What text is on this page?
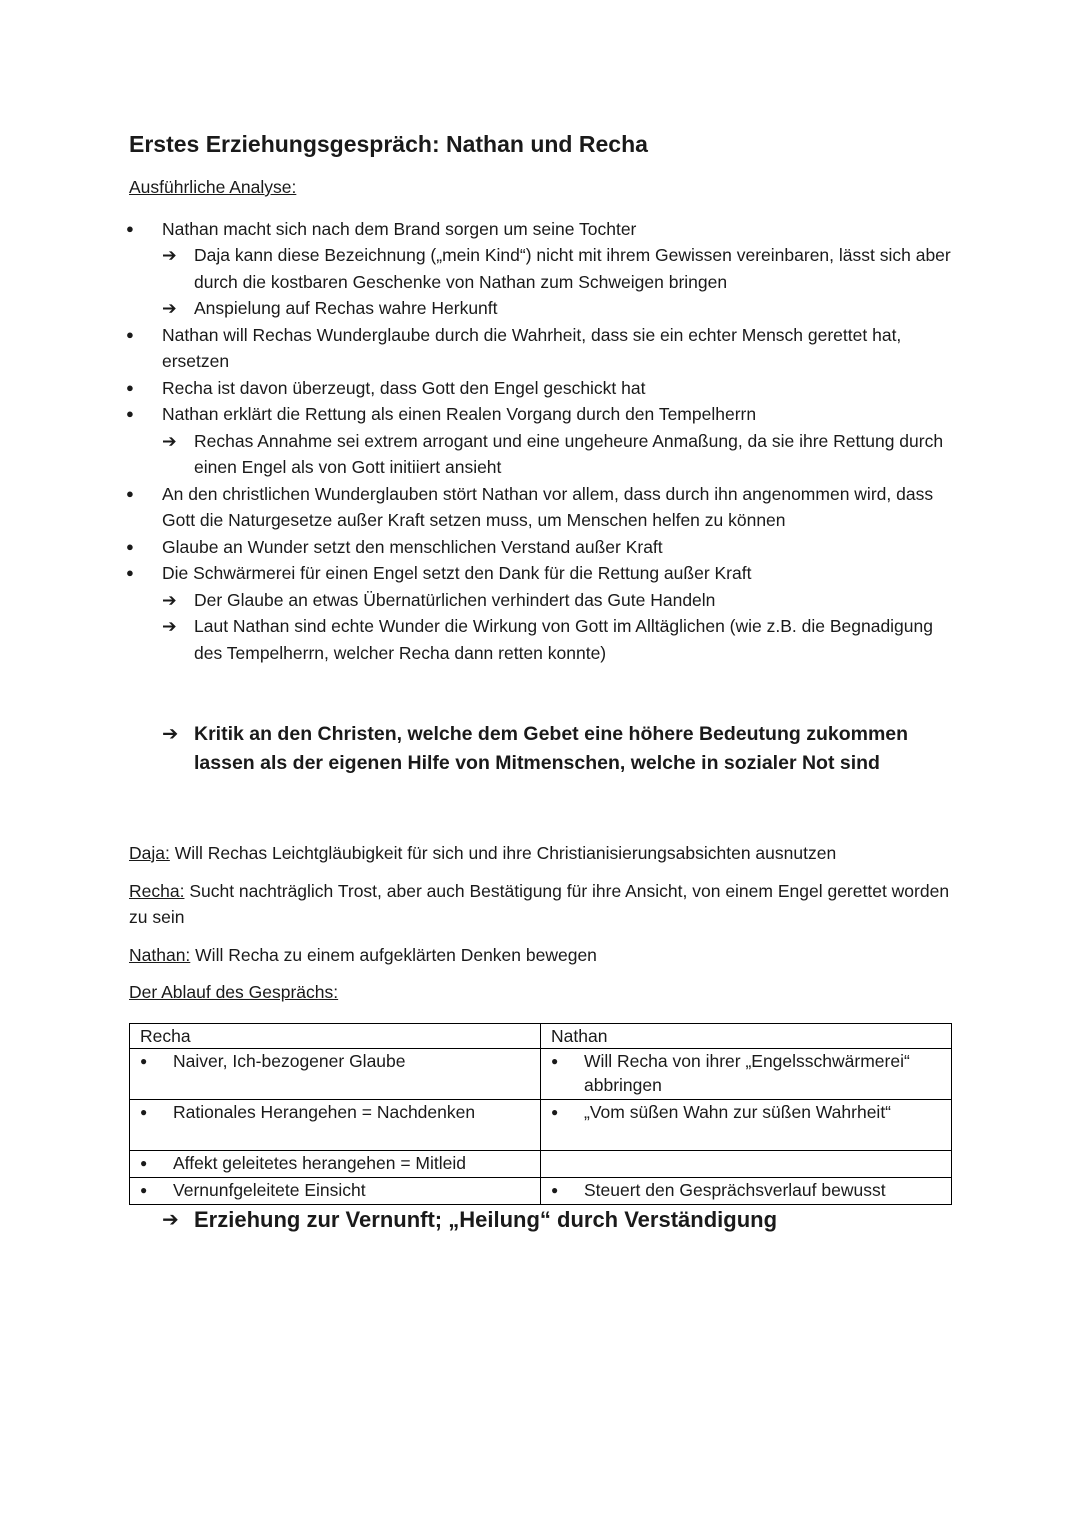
Erstes Erziehungsgespräch: Nathan und Recha
Ausführliche Analyse:
● Nathan macht sich nach dem Brand sorgen um seine Tochter
➔ Daja kann diese Bezeichnung („mein Kind“) nicht mit ihrem Gewissen vereinbaren, lässt sich aber durch die kostbaren Geschenke von Nathan zum Schweigen bringen
➔ Anspielung auf Rechas wahre Herkunft
● Nathan will Rechas Wunderglaube durch die Wahrheit, dass sie ein echter Mensch gerettet hat, ersetzen
● Recha ist davon überzeugt, dass Gott den Engel geschickt hat
● Nathan erklärt die Rettung als einen Realen Vorgang durch den Tempelherrn
➔ Rechas Annahme sei extrem arrogant und eine ungeheure Anmaßung, da sie ihre Rettung durch einen Engel als von Gott initiiert ansieht
● An den christlichen Wunderglauben stört Nathan vor allem, dass durch ihn angenommen wird, dass Gott die Naturgesetze außer Kraft setzen muss, um Menschen helfen zu können
● Glaube an Wunder setzt den menschlichen Verstand außer Kraft
● Die Schwärmerei für einen Engel setzt den Dank für die Rettung außer Kraft
➔ Der Glaube an etwas Übernatürlichen verhindert das Gute Handeln
➔ Laut Nathan sind echte Wunder die Wirkung von Gott im Alltäglichen (wie z.B. die Begnadigung des Tempelherrn, welcher Recha dann retten konnte)
➔ Kritik an den Christen, welche dem Gebet eine höhere Bedeutung zukommen lassen als der eigenen Hilfe von Mitmenschen, welche in sozialer Not sind
Daja: Will Rechas Leichtgläubigkeit für sich und ihre Christianisierungsabsichten ausnutzen
Recha: Sucht nachträglich Trost, aber auch Bestätigung für ihre Ansicht, von einem Engel gerettet worden zu sein
Nathan: Will Recha zu einem aufgeklärten Denken bewegen
Der Ablauf des Gesprächs:
Recha	Nathan
● Naiver, Ich-bezogener Glaube	● Will Recha von ihrer „Engelsschwärmerei“ abbringen
● Rationales Herangehen = Nachdenken	● „Vom süßen Wahn zur süßen Wahrheit“
● Affekt geleitetes herangehen = Mitleid	
● Vernunfgeleitete Einsicht	● Steuert den Gesprächsverlauf bewusst
➔ Erziehung zur Vernunft; „Heilung“ durch Verständigung
